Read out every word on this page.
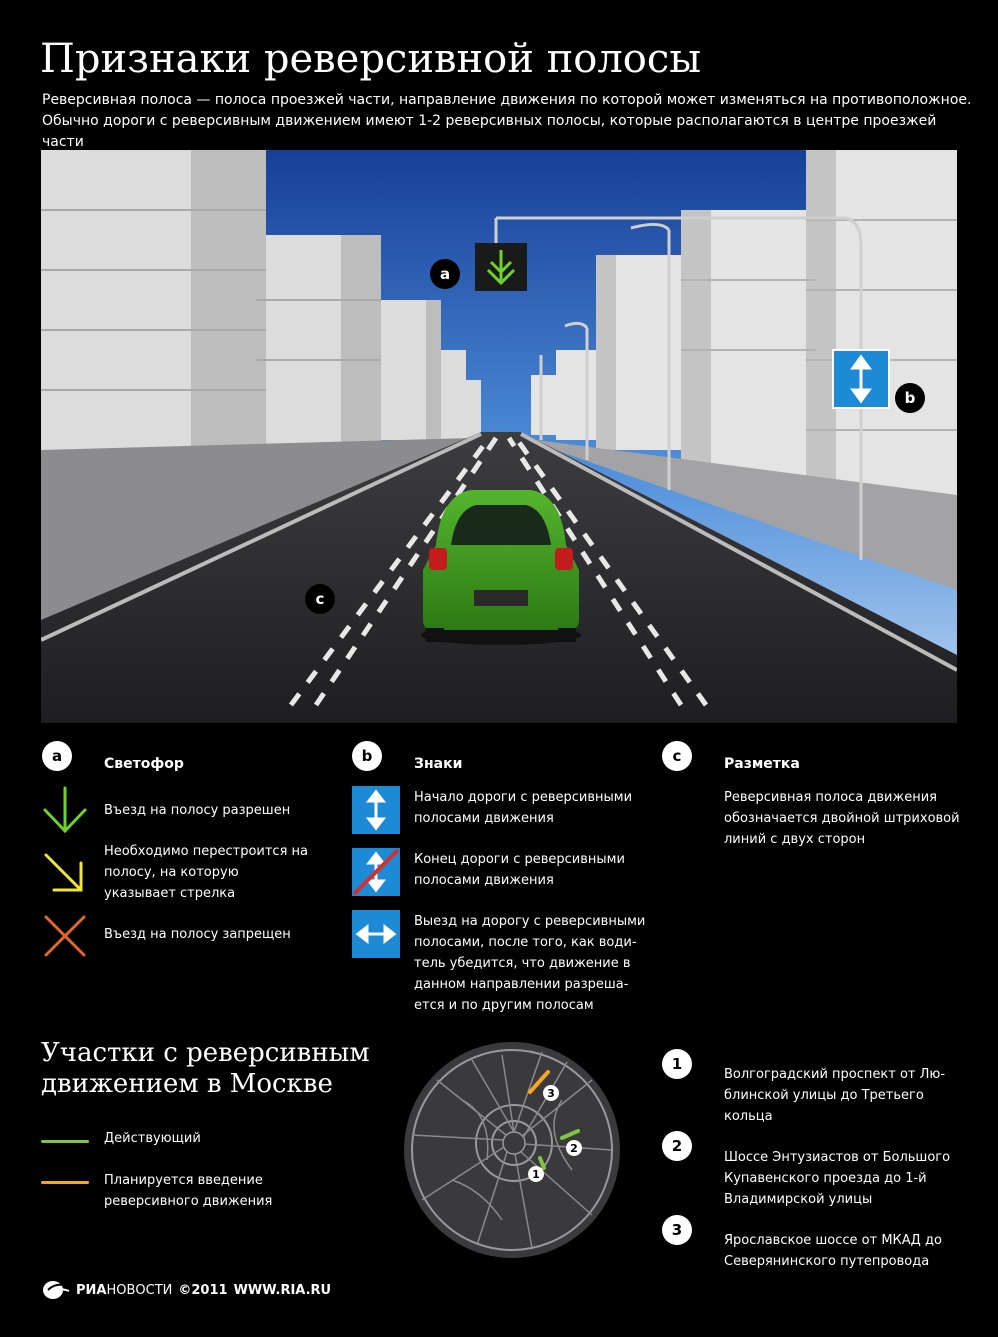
Признаки реверсивной полосы
Реверсивная полоса — полоса проезжей части, направление движения по которой может изменяться на противоположное. Обычно дороги с реверсивным движением имеют 1-2 реверсивных полосы, которые располагаются в центре проезжей части
a
b
c
a	Светофор
Въезд на полосу разрешен
Необходимо перестроится на полосу, на которую указывает стрелка
Въезд на полосу запрещен
b	Знаки
Начало дороги с реверсивными полосами движения
Конец дороги с реверсивными полосами движения
Выезд на дорогу с реверсивными полосами, после того, как води-тель убедится, что движение в данном направлении разреша-ется и по другим полосам
c	Разметка
Реверсивная полоса движения обозначается двойной штриховой линий с двух сторон
Участки с реверсивным движением в Москве
Действующий
Планируется введение реверсивного движения
3
2
1
1
Волгоградский проспект от Лю-блинской улицы до Третьего кольца
2
Шоссе Энтузиастов от Большого Купавенского проезда до 1-й Владимирской улицы
3
Ярославское шоссе от МКАД до Северянинского путепровода
РИА НОВОСТИ ©2011 WWW.RIA.RU
